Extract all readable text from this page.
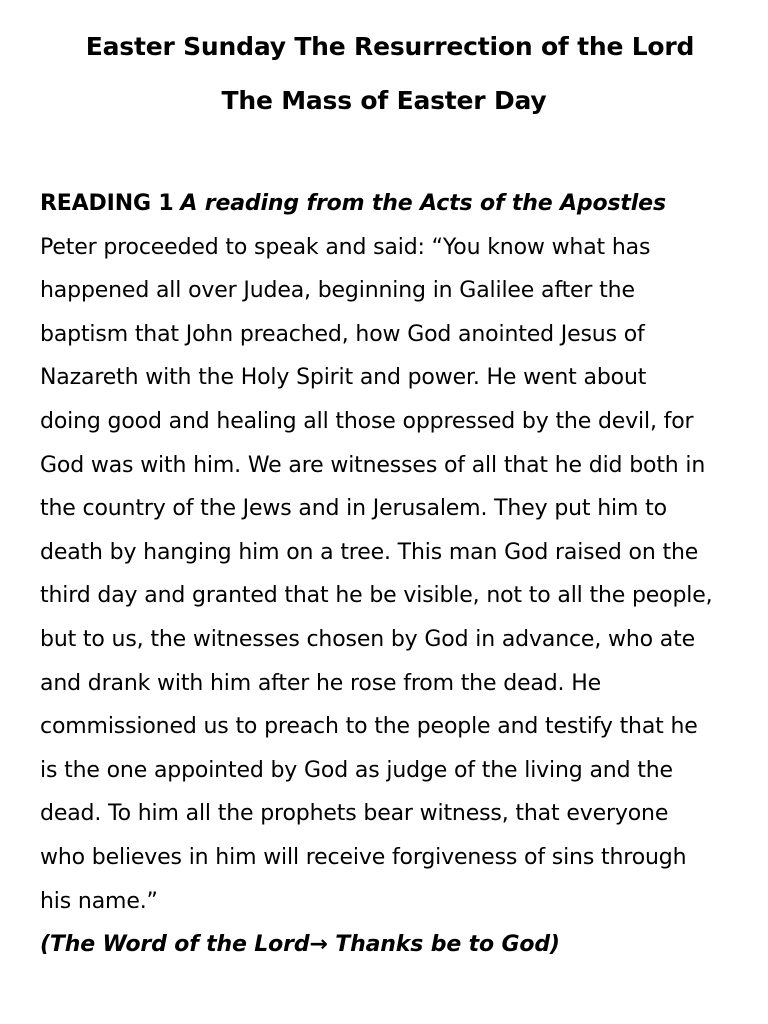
Easter Sunday The Resurrection of the Lord
The Mass of Easter Day
READING 1 A reading from the Acts of the Apostles
Peter proceeded to speak and said: “You know what has
happened all over Judea, beginning in Galilee after the
baptism that John preached, how God anointed Jesus of
Nazareth with the Holy Spirit and power. He went about
doing good and healing all those oppressed by the devil, for
God was with him. We are witnesses of all that he did both in
the country of the Jews and in Jerusalem. They put him to
death by hanging him on a tree. This man God raised on the
third day and granted that he be visible, not to all the people,
but to us, the witnesses chosen by God in advance, who ate
and drank with him after he rose from the dead. He
commissioned us to preach to the people and testify that he
is the one appointed by God as judge of the living and the
dead. To him all the prophets bear witness, that everyone
who believes in him will receive forgiveness of sins through
his name.”
(The Word of the Lord→ Thanks be to God)
